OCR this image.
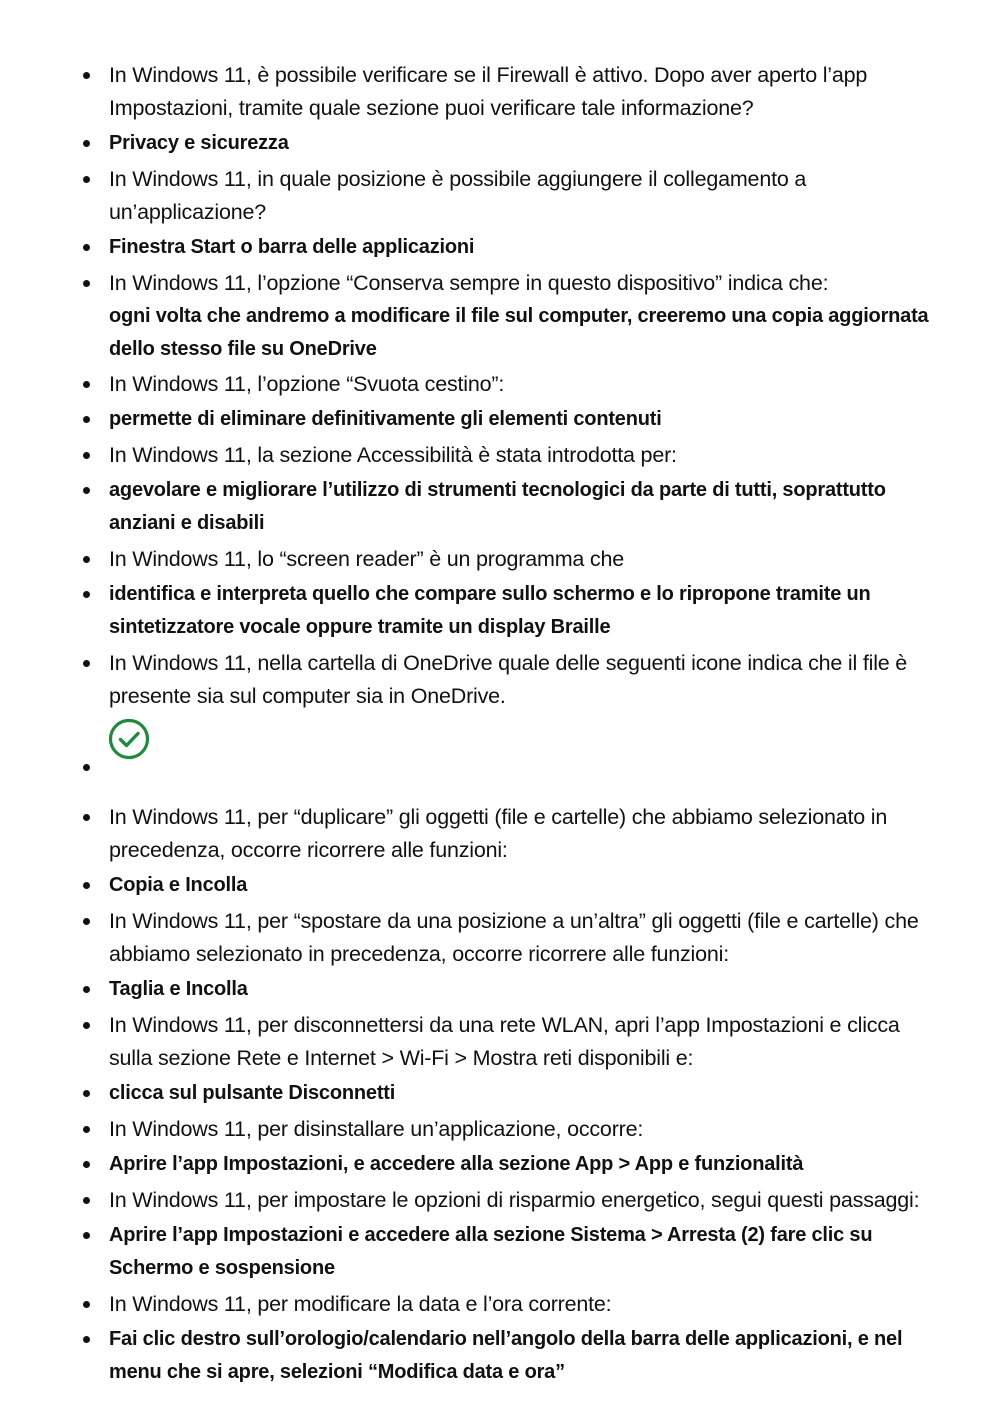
In Windows 11, è possibile verificare se il Firewall è attivo. Dopo aver aperto l’app Impostazioni, tramite quale sezione puoi verificare tale informazione?
Privacy e sicurezza
In Windows 11, in quale posizione è possibile aggiungere il collegamento a un’applicazione?
Finestra Start o barra delle applicazioni
In Windows 11, l’opzione “Conserva sempre in questo dispositivo” indica che:
ogni volta che andremo a modificare il file sul computer, creeremo una copia aggiornata dello stesso file su OneDrive
In Windows 11, l’opzione “Svuota cestino”:
permette di eliminare definitivamente gli elementi contenuti
In Windows 11, la sezione Accessibilità è stata introdotta per:
agevolare e migliorare l’utilizzo di strumenti tecnologici da parte di tutti, soprattutto anziani e disabili
In Windows 11, lo “screen reader” è un programma che
identifica e interpreta quello che compare sullo schermo e lo ripropone tramite un sintetizzatore vocale oppure tramite un display Braille
In Windows 11, nella cartella di OneDrive quale delle seguenti icone indica che il file è presente sia sul computer sia in OneDrive.
In Windows 11, per “duplicare” gli oggetti (file e cartelle) che abbiamo selezionato in precedenza, occorre ricorrere alle funzioni:
Copia e Incolla
In Windows 11, per “spostare da una posizione a un’altra” gli oggetti (file e cartelle) che abbiamo selezionato in precedenza, occorre ricorrere alle funzioni:
Taglia e Incolla
In Windows 11, per disconnettersi da una rete WLAN, apri l’app Impostazioni e clicca sulla sezione Rete e Internet > Wi-Fi > Mostra reti disponibili e:
clicca sul pulsante Disconnetti
In Windows 11, per disinstallare un’applicazione, occorre:
Aprire l’app Impostazioni, e accedere alla sezione App > App e funzionalità
In Windows 11, per impostare le opzioni di risparmio energetico, segui questi passaggi:
Aprire l’app Impostazioni e accedere alla sezione Sistema > Arresta (2) fare clic su Schermo e sospensione
In Windows 11, per modificare la data e l’ora corrente:
Fai clic destro sull’orologio/calendario nell’angolo della barra delle applicazioni, e nel menu che si apre, selezioni “Modifica data e ora”
